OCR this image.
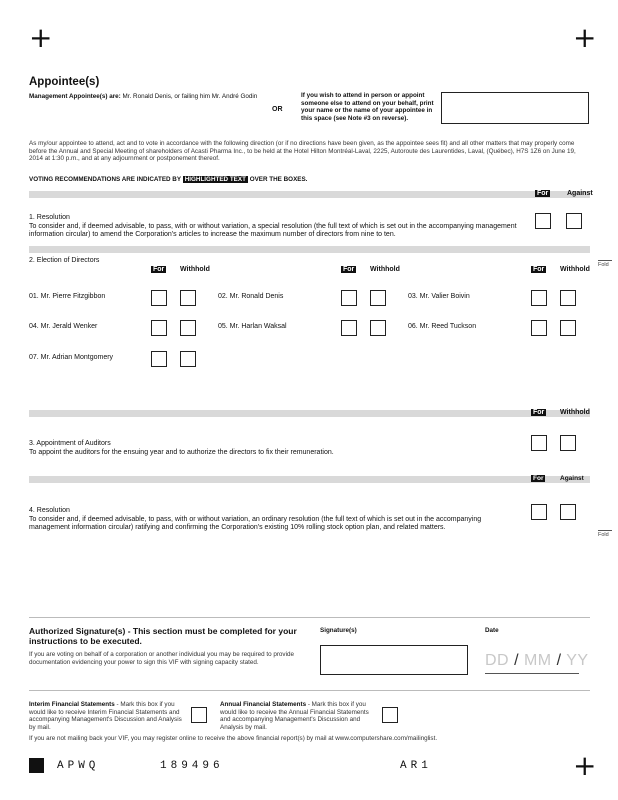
+	+
+
Appointee(s)
Management Appointee(s) are: Mr. Ronald Denis, or failing him Mr. André Godin
OR
If you wish to attend in person or appoint someone else to attend on your behalf, print your name or the name of your appointee in this space (see Note #3 on reverse).
As my/our appointee to attend, act and to vote in accordance with the following direction (or if no directions have been given, as the appointee sees fit) and all other matters that may properly come before the Annual and Special Meeting of shareholders of Acasti Pharma Inc., to be held at the Hotel Hilton Montréal-Laval, 2225, Autoroute des Laurentides, Laval, (Québec), H7S 1Z6 on June 19, 2014 at 1:30 p.m., and at any adjournment or postponement thereof.
VOTING RECOMMENDATIONS ARE INDICATED BY HIGHLIGHTED TEXT OVER THE BOXES.
For	Against
1. Resolution
To consider and, if deemed advisable, to pass, with or without variation, a special resolution (the full text of which is set out in the accompanying management information circular) to amend the Corporation's articles to increase the maximum number of directors from nine to ten.
2. Election of Directors
For Withhold	For Withhold	For Withhold
Fold
01. Mr. Pierre Fitzgibbon	02. Mr. Ronald Denis	03. Mr. Valier Boivin
04. Mr. Jerald Wenker	05. Mr. Harlan Waksal	06. Mr. Reed Tuckson
07. Mr. Adrian Montgomery
For Withhold
3. Appointment of Auditors
To appoint the auditors for the ensuing year and to authorize the directors to fix their remuneration.
For	Against
4. Resolution
To consider and, if deemed advisable, to pass, with or without variation, an ordinary resolution (the full text of which is set out in the accompanying management information circular) ratifying and confirming the Corporation's existing 10% rolling stock option plan, and related matters.
Fold
Authorized Signature(s) - This section must be completed for your instructions to be executed.
If you are voting on behalf of a corporation or another individual you may be required to provide documentation evidencing your power to sign this VIF with signing capacity stated.
Signature(s)	Date
DD / MM / YY
Interim Financial Statements - Mark this box if you would like to receive Interim Financial Statements and accompanying Management's Discussion and Analysis by mail.
Annual Financial Statements - Mark this box if you would like to receive the Annual Financial Statements and accompanying Management's Discussion and Analysis by mail.
If you are not mailing back your VIF, you may register online to receive the above financial report(s) by mail at www.computershare.com/mailinglist.
APWQ	189496	AR1
